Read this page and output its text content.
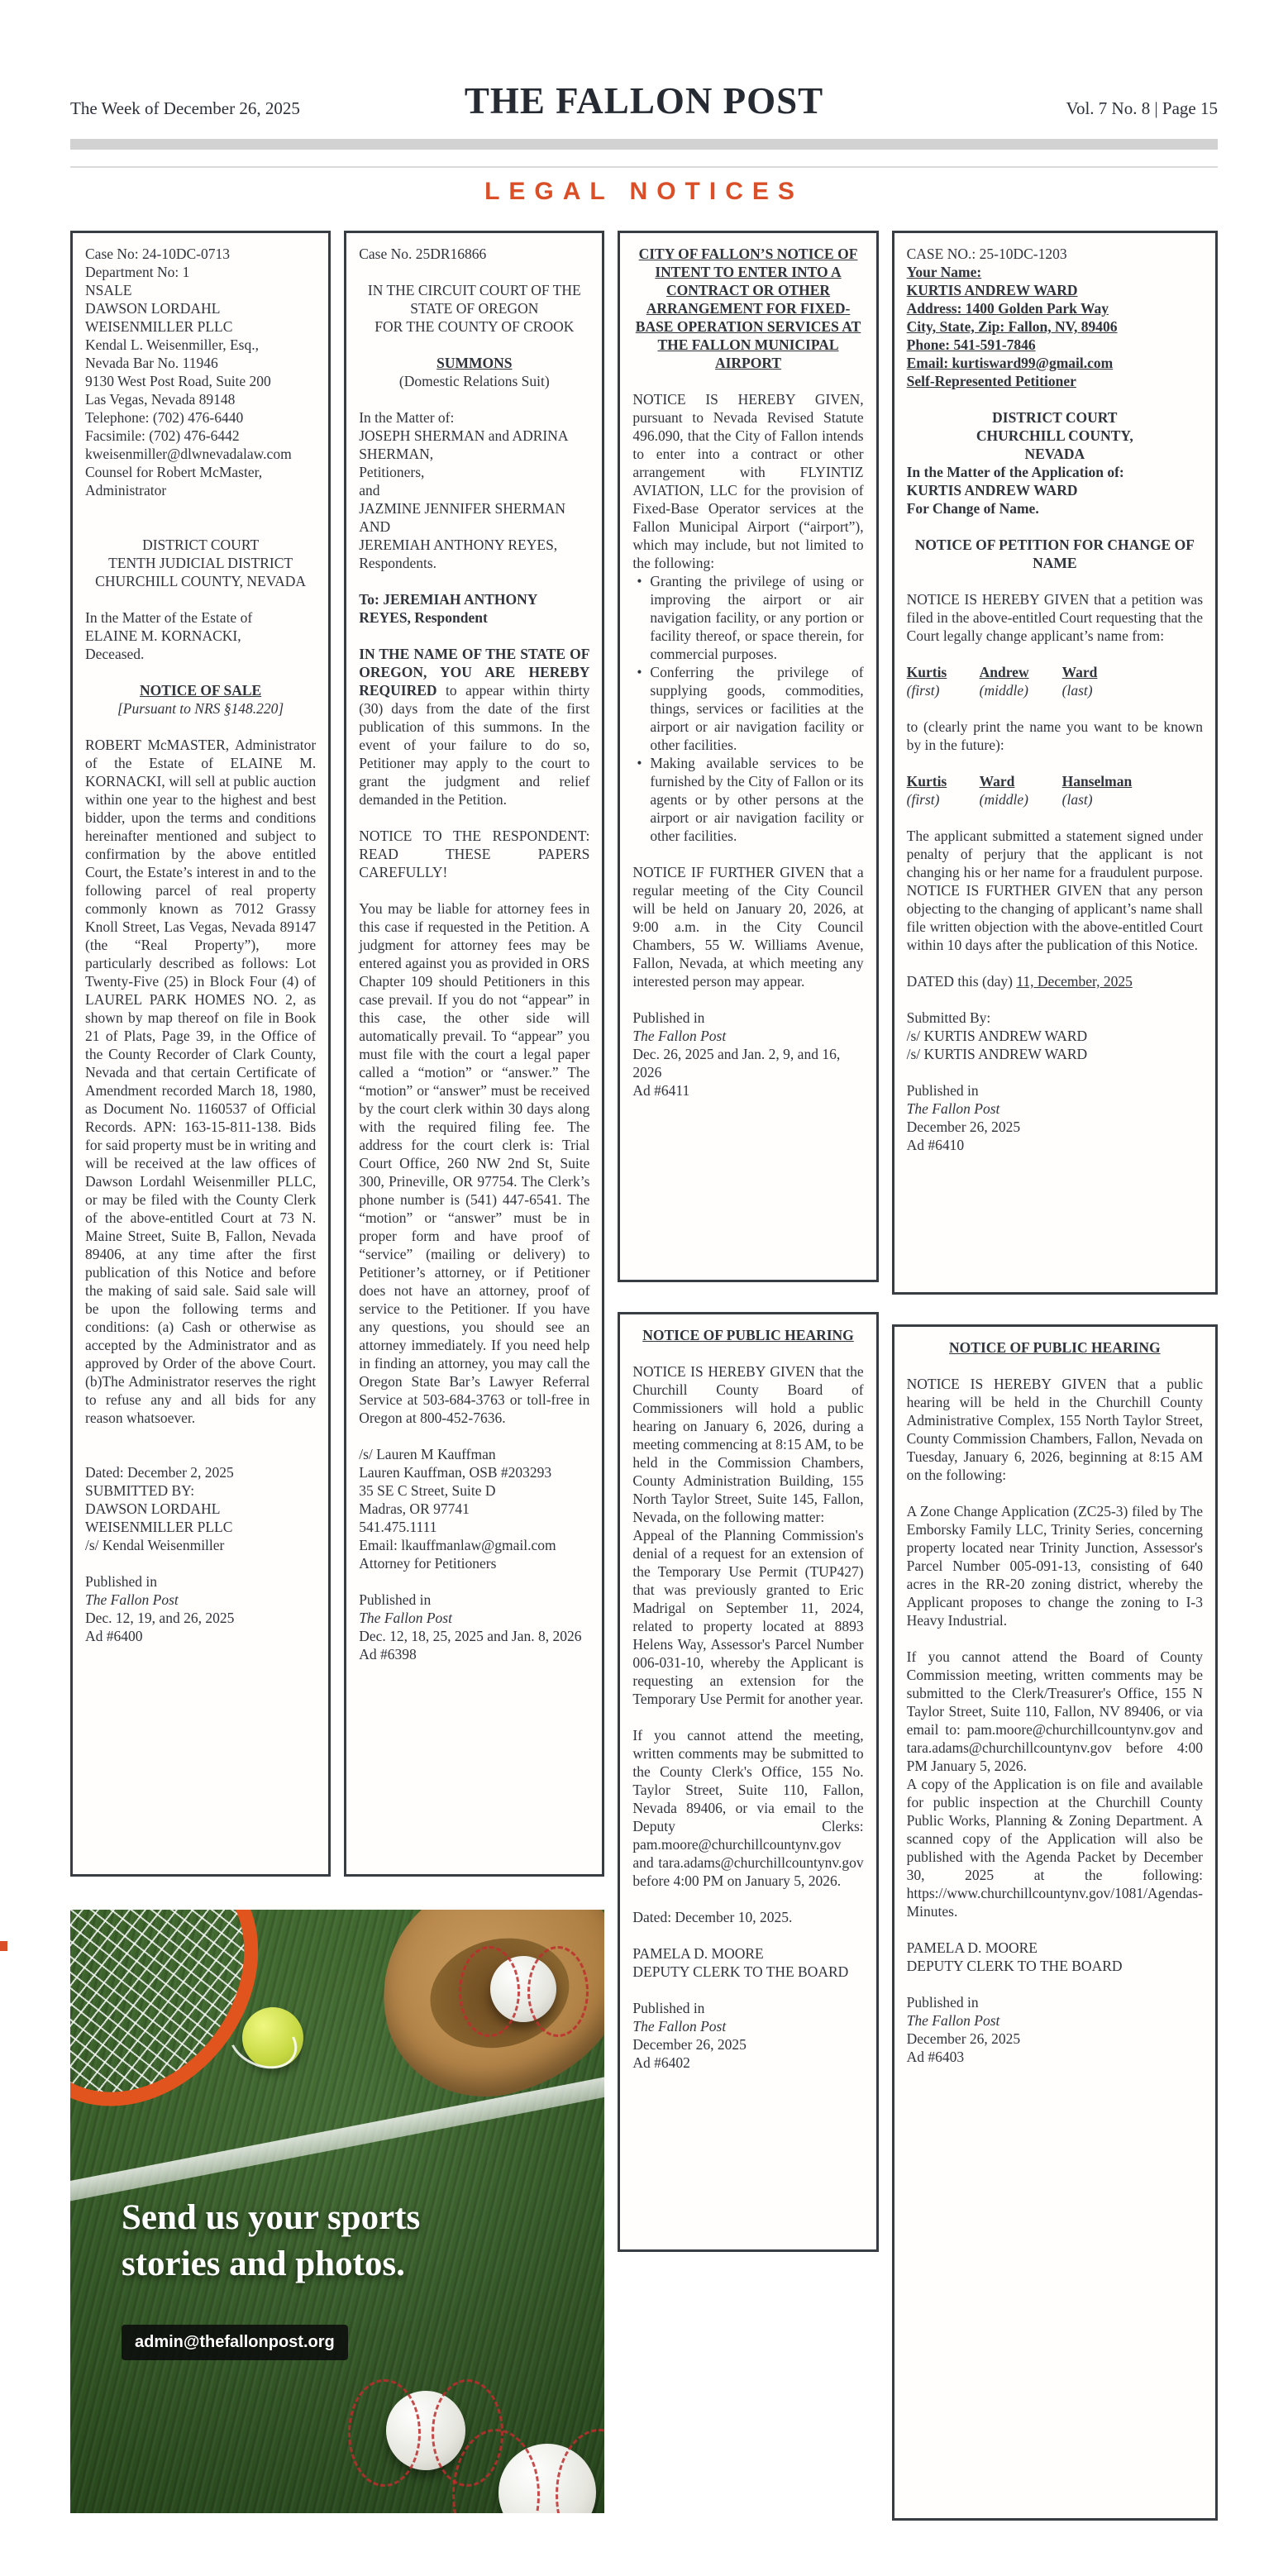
The Week of December 26, 2025	THE FALLON POST	Vol. 7 No. 8 | Page 15
LEGAL NOTICES
Case No: 24-10DC-0713
Department No: 1
NSALE
DAWSON LORDAHL WEISENMILLER PLLC
Kendal L. Weisenmiller, Esq.,
Nevada Bar No. 11946
9130 West Post Road, Suite 200
Las Vegas, Nevada 89148
Telephone: (702) 476-6440
Facsimile: (702) 476-6442
kweisenmiller@dlwnevadalaw.com
Counsel for Robert McMaster, Administrator
DISTRICT COURT
TENTH JUDICIAL DISTRICT
CHURCHILL COUNTY, NEVADA
In the Matter of the Estate of
ELAINE M. KORNACKI,
Deceased.
NOTICE OF SALE
[Pursuant to NRS §148.220]
ROBERT McMASTER, Administrator of the Estate of ELAINE M. KORNACKI, will sell at public auction within one year to the highest and best bidder, upon the terms and conditions hereinafter mentioned and subject to confirmation by the above entitled Court, the Estate’s interest in and to the following parcel of real property commonly known as 7012 Grassy Knoll Street, Las Vegas, Nevada 89147 (the “Real Property”), more particularly described as follows: Lot Twenty-Five (25) in Block Four (4) of LAUREL PARK HOMES NO. 2, as shown by map thereof on file in Book 21 of Plats, Page 39, in the Office of the County Recorder of Clark County, Nevada and that certain Certificate of Amendment recorded March 18, 1980, as Document No. 1160537 of Official Records. APN: 163-15-811-138. Bids for said property must be in writing and will be received at the law offices of Dawson Lordahl Weisenmiller PLLC, or may be filed with the County Clerk of the above-entitled Court at 73 N. Maine Street, Suite B, Fallon, Nevada 89406, at any time after the first publication of this Notice and before the making of said sale. Said sale will be upon the following terms and conditions: (a) Cash or otherwise as accepted by the Administrator and as approved by Order of the above Court. (b)The Administrator reserves the right to refuse any and all bids for any reason whatsoever.
Dated: December 2, 2025
SUBMITTED BY:
DAWSON LORDAHL
WEISENMILLER PLLC
/s/ Kendal Weisenmiller
Published in
The Fallon Post
Dec. 12, 19, and 26, 2025
Ad #6400
Case No. 25DR16866
IN THE CIRCUIT COURT OF THE STATE OF OREGON
FOR THE COUNTY OF CROOK
SUMMONS
(Domestic Relations Suit)
In the Matter of:
JOSEPH SHERMAN and ADRINA SHERMAN,
Petitioners,
and
JAZMINE JENNIFER SHERMAN AND
JEREMIAH ANTHONY REYES,
Respondents.
To: JEREMIAH ANTHONY REYES, Respondent
IN THE NAME OF THE STATE OF OREGON, YOU ARE HEREBY REQUIRED to appear within thirty (30) days from the date of the first publication of this summons. In the event of your failure to do so, Petitioner may apply to the court to grant the judgment and relief demanded in the Petition.
NOTICE TO THE RESPONDENT: READ THESE PAPERS CAREFULLY!
You may be liable for attorney fees in this case if requested in the Petition. A judgment for attorney fees may be entered against you as provided in ORS Chapter 109 should Petitioners in this case prevail. If you do not “appear” in this case, the other side will automatically prevail. To “appear” you must file with the court a legal paper called a “motion” or “answer.” The “motion” or “answer” must be received by the court clerk within 30 days along with the required filing fee. The address for the court clerk is: Trial Court Office, 260 NW 2nd St, Suite 300, Prineville, OR 97754. The Clerk’s phone number is (541) 447-6541. The “motion” or “answer” must be in proper form and have proof of “service” (mailing or delivery) to Petitioner’s attorney, or if Petitioner does not have an attorney, proof of service to the Petitioner. If you have any questions, you should see an attorney immediately. If you need help in finding an attorney, you may call the Oregon State Bar’s Lawyer Referral Service at 503-684-3763 or toll-free in Oregon at 800-452-7636.
/s/ Lauren M Kauffman
Lauren Kauffman, OSB #203293
35 SE C Street, Suite D
Madras, OR 97741
541.475.1111
Email: lkauffmanlaw@gmail.com
Attorney for Petitioners
Published in
The Fallon Post
Dec. 12, 18, 25, 2025 and Jan. 8, 2026
Ad #6398
CITY OF FALLON’S NOTICE OF INTENT TO ENTER INTO A CONTRACT OR OTHER ARRANGEMENT FOR FIXED-BASE OPERATION SERVICES AT THE FALLON MUNICIPAL AIRPORT
NOTICE IS HEREBY GIVEN, pursuant to Nevada Revised Statute 496.090, that the City of Fallon intends to enter into a contract or other arrangement with FLYINTIZ AVIATION, LLC for the provision of Fixed-Base Operator services at the Fallon Municipal Airport (“airport”), which may include, but not limited to the following:
• Granting the privilege of using or improving the airport or air navigation facility, or any portion or facility thereof, or space therein, for commercial purposes.
• Conferring the privilege of supplying goods, commodities, things, services or facilities at the airport or air navigation facility or other facilities.
• Making available services to be furnished by the City of Fallon or its agents or by other persons at the airport or air navigation facility or other facilities.
NOTICE IF FURTHER GIVEN that a regular meeting of the City Council will be held on January 20, 2026, at 9:00 a.m. in the City Council Chambers, 55 W. Williams Avenue, Fallon, Nevada, at which meeting any interested person may appear.
Published in
The Fallon Post
Dec. 26, 2025 and Jan. 2, 9, and 16, 2026
Ad #6411
NOTICE OF PUBLIC HEARING
NOTICE IS HEREBY GIVEN that the Churchill County Board of Commissioners will hold a public hearing on January 6, 2026, during a meeting commencing at 8:15 AM, to be held in the Commission Chambers, County Administration Building, 155 North Taylor Street, Suite 145, Fallon, Nevada, on the following matter:
Appeal of the Planning Commission's denial of a request for an extension of the Temporary Use Permit (TUP427) that was previously granted to Eric Madrigal on September 11, 2024, related to property located at 8893 Helens Way, Assessor's Parcel Number 006-031-10, whereby the Applicant is requesting an extension for the Temporary Use Permit for another year.
If you cannot attend the meeting, written comments may be submitted to the County Clerk's Office, 155 No. Taylor Street, Suite 110, Fallon, Nevada 89406, or via email to the Deputy Clerks: pam.moore@churchillcountynv.gov and tara.adams@churchillcountynv.gov before 4:00 PM on January 5, 2026.
Dated: December 10, 2025.
PAMELA D. MOORE
DEPUTY CLERK TO THE BOARD
Published in
The Fallon Post
December 26, 2025
Ad #6402
CASE NO.: 25-10DC-1203
Your Name:
KURTIS ANDREW WARD
Address: 1400 Golden Park Way
City, State, Zip: Fallon, NV, 89406
Phone: 541-591-7846
Email: kurtisward99@gmail.com
Self-Represented Petitioner
DISTRICT COURT
CHURCHILL COUNTY,
NEVADA
In the Matter of the Application of:
KURTIS ANDREW WARD
For Change of Name.
NOTICE OF PETITION FOR CHANGE OF NAME
NOTICE IS HEREBY GIVEN that a petition was filed in the above-entitled Court requesting that the Court legally change applicant’s name from:
Kurtis
(first)
Andrew
(middle)
Ward
(last)
to (clearly print the name you want to be known by in the future):
Kurtis
(first)
Ward
(middle)
Hanselman
(last)
The applicant submitted a statement signed under penalty of perjury that the applicant is not changing his or her name for a fraudulent purpose. NOTICE IS FURTHER GIVEN that any person objecting to the changing of applicant’s name shall file written objection with the above-entitled Court within 10 days after the publication of this Notice.
DATED this (day) 11, December, 2025
Submitted By:
/s/ KURTIS ANDREW WARD
/s/ KURTIS ANDREW WARD
Published in
The Fallon Post
December 26, 2025
Ad #6410
NOTICE OF PUBLIC HEARING
NOTICE IS HEREBY GIVEN that a public hearing will be held in the Churchill County Administrative Complex, 155 North Taylor Street, County Commission Chambers, Fallon, Nevada on Tuesday, January 6, 2026, beginning at 8:15 AM on the following:
A Zone Change Application (ZC25-3) filed by The Emborsky Family LLC, Trinity Series, concerning property located near Trinity Junction, Assessor's Parcel Number 005-091-13, consisting of 640 acres in the RR-20 zoning district, whereby the Applicant proposes to change the zoning to I-3 Heavy Industrial.
If you cannot attend the Board of County Commission meeting, written comments may be submitted to the Clerk/Treasurer's Office, 155 N Taylor Street, Suite 110, Fallon, NV 89406, or via email to: pam.moore@churchillcountynv.gov and tara.adams@churchillcountynv.gov before 4:00 PM January 5, 2026.
A copy of the Application is on file and available for public inspection at the Churchill County Public Works, Planning & Zoning Department. A scanned copy of the Application will also be published with the Agenda Packet by December 30, 2025 at the following: https://www.churchillcountynv.gov/1081/Agendas-Minutes.
PAMELA D. MOORE
DEPUTY CLERK TO THE BOARD
Published in
The Fallon Post
December 26, 2025
Ad #6403
Send us your sports
stories and photos.
admin@thefallonpost.org
